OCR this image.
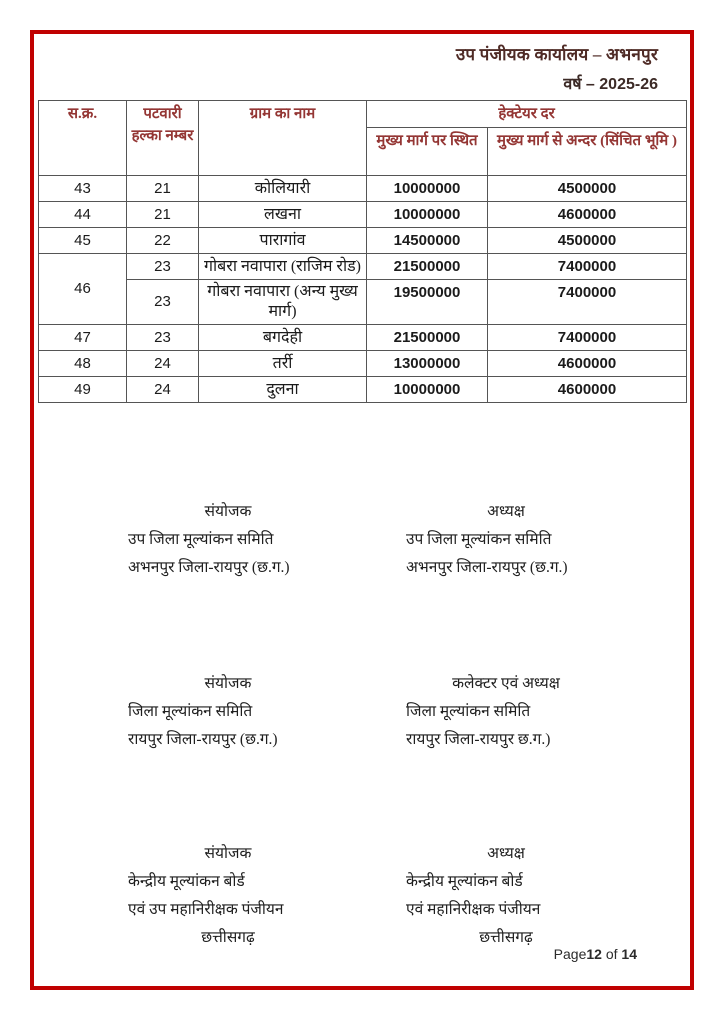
उप पंजीयक कार्यालय – अभनपुर
वर्ष – 2025-26
स.क्र.	पटवारी हल्का नम्बर	ग्राम का नाम	हेक्टेयर दर	
			मुख्य मार्ग पर स्थित	मुख्य मार्ग से अन्दर (सिंचित भूमि )
43	21	कोलियारी	10000000	4500000
44	21	लखना	10000000	4600000
45	22	पारागांव	14500000	4500000
46	23	गोबरा नवापारा (राजिम रोड)	21500000	7400000
	23	गोबरा नवापारा (अन्य मुख्य मार्ग)	19500000	7400000
47	23	बगदेही	21500000	7400000
48	24	तर्री	13000000	4600000
49	24	दुलना	10000000	4600000
संयोजक
उप जिला मूल्यांकन समिति
अभनपुर जिला-रायपुर (छ.ग.)
अध्यक्ष
उप जिला मूल्यांकन समिति
अभनपुर जिला-रायपुर (छ.ग.)
संयोजक
जिला मूल्यांकन समिति
रायपुर जिला-रायपुर (छ.ग.)
कलेक्टर एवं अध्यक्ष
जिला मूल्यांकन समिति
रायपुर जिला-रायपुर छ.ग.)
संयोजक
केन्द्रीय मूल्यांकन बोर्ड
एवं उप महानिरीक्षक पंजीयन
छत्तीसगढ़
अध्यक्ष
केन्द्रीय मूल्यांकन बोर्ड
एवं महानिरीक्षक पंजीयन
छत्तीसगढ़
Page12 of 14
